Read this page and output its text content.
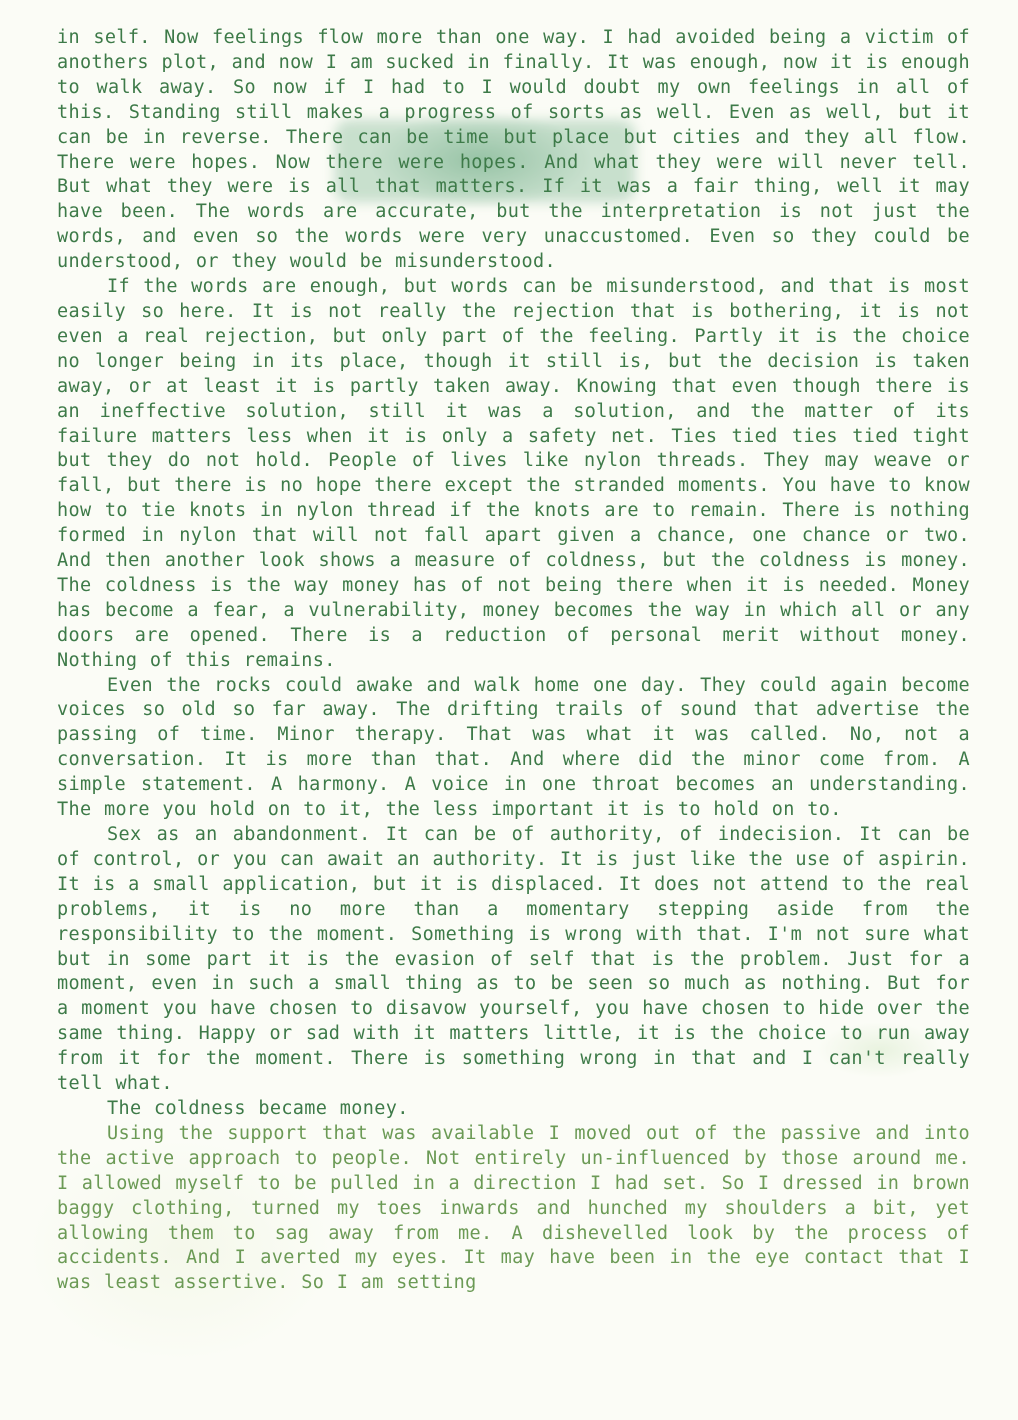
in self. Now feelings flow more than one way. I had avoided being a victim of anothers plot, and now I am sucked in finally. It was enough, now it is enough to walk away. So now if I had to I would doubt my own feelings in all of this. Standing still makes a progress of sorts as well. Even as well, but it can be in reverse. There can be time but place but cities and they all flow. There were hopes. Now there were hopes. And what they were will never tell. But what they were is all that matters. If it was a fair thing, well it may have been. The words are accurate, but the interpretation is not just the words, and even so the words were very unaccustomed. Even so they could be understood, or they would be misunderstood.

If the words are enough, but words can be misunderstood, and that is most easily so here. It is not really the rejection that is bothering, it is not even a real rejection, but only part of the feeling. Partly it is the choice no longer being in its place, though it still is, but the decision is taken away, or at least it is partly taken away. Knowing that even though there is an ineffective solution, still it was a solution, and the matter of its failure matters less when it is only a safety net. Ties tied ties tied tight but they do not hold. People of lives like nylon threads. They may weave or fall, but there is no hope there except the stranded moments. You have to know how to tie knots in nylon thread if the knots are to remain. There is nothing formed in nylon that will not fall apart given a chance, one chance or two. And then another look shows a measure of coldness, but the coldness is money. The coldness is the way money has of not being there when it is needed. Money has become a fear, a vulnerability, money becomes the way in which all or any doors are opened. There is a reduction of personal merit without money. Nothing of this remains.

Even the rocks could awake and walk home one day. They could again become voices so old so far away. The drifting trails of sound that advertise the passing of time. Minor therapy. That was what it was called. No, not a conversation. It is more than that. And where did the minor come from. A simple statement. A harmony. A voice in one throat becomes an understanding. The more you hold on to it, the less important it is to hold on to.

Sex as an abandonment. It can be of authority, of indecision. It can be of control, or you can await an authority. It is just like the use of aspirin. It is a small application, but it is displaced. It does not attend to the real problems, it is no more than a momentary stepping aside from the responsibility to the moment. Something is wrong with that. I'm not sure what but in some part it is the evasion of self that is the problem. Just for a moment, even in such a small thing as to be seen so much as nothing. But for a moment you have chosen to disavow yourself, you have chosen to hide over the same thing. Happy or sad with it matters little, it is the choice to run away from it for the moment. There is something wrong in that and I can't really tell what.

The coldness became money.

Using the support that was available I moved out of the passive and into the active approach to people. Not entirely un-influenced by those around me. I allowed myself to be pulled in a direction I had set. So I dressed in brown baggy clothing, turned my toes inwards and hunched my shoulders a bit, yet allowing them to sag away from me. A dishevelled look by the process of accidents. And I averted my eyes. It may have been in the eye contact that I was least assertive. So I am setting
